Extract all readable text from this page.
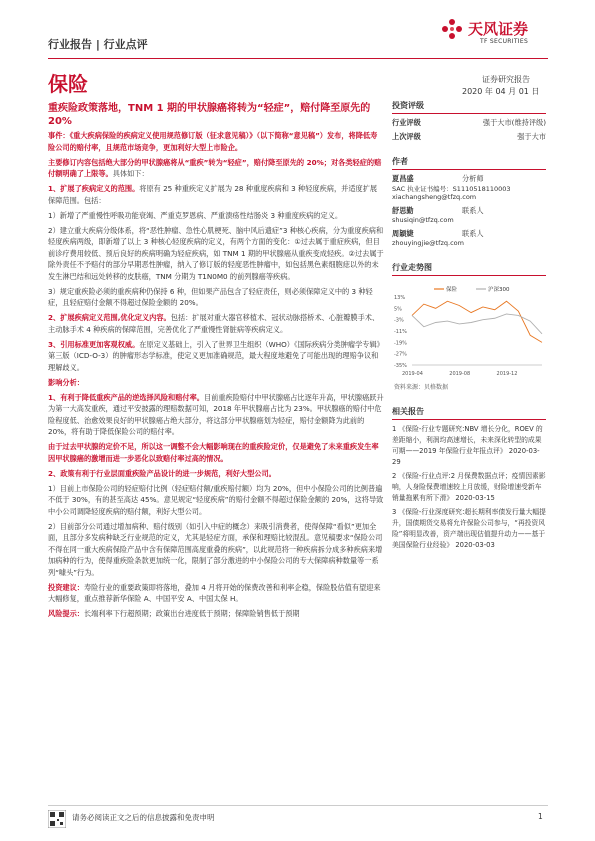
行业报告 | 行业点评
天风证券
TF SECURITIES
保险	证券研究报告
2020 年 04 月 01 日
重疾险政策落地，TNM 1 期的甲状腺癌将转为“轻症”，赔付降至原先的 20%
事件：《重大疾病保险的疾病定义使用规范修订版（征求意见稿）》（以下简称“意见稿”）发布，将降低寿险公司的赔付率，且规范市场竞争，更加利好大型上市险企。
主要修订内容包括绝大部分的甲状腺癌将从“重疾”转为“轻症”，赔付降至原先的 20%；对各类轻症的赔付额明确了上限等。具体如下：
1、扩展了疾病定义的范围。将原有 25 种重疾定义扩展为 28 种重度疾病和 3 种轻度疾病，并适度扩展保障范围。包括：
1）新增了严重慢性呼吸功能衰竭、严重克罗恩病、严重溃疡性结肠炎 3 种重度疾病的定义。
2）建立重大疾病分级体系，将“恶性肿瘤、急性心肌梗死、脑中风后遗症”3 种核心疾病，分为重度疾病和轻度疾病两级，即新增了以上 3 种核心轻度疾病的定义，有两个方面的变化：①过去属于重症疾病，但目前诊疗费用较低、预后良好的疾病明确为轻症疾病，如 TNM 1 期的甲状腺癌从重疾变成轻疾。②过去属于除外责任不予赔付的部分早期恶性肿瘤，纳入了修订版的轻度恶性肿瘤中，如包括黑色素细胞痣以外的未发生淋巴结和远处转移的皮肤癌，TNM 分期为 T1N0M0 的前列腺癌等疾病。
3）规定重疾险必须的重疾病种仍保持 6 种，但如果产品包含了轻症责任，则必须保障定义中的 3 种轻症，且轻症赔付金额不得超过保险金额的 20%。
2、扩展疾病定义范围,优化定义内容。包括：扩展对重大器官移植术、冠状动脉搭桥术、心脏瓣膜手术、主动脉手术 4 种疾病的保障范围，完善优化了严重慢性肾脏病等疾病定义。
3、引用标准更加客观权威。在原定义基础上，引入了世界卫生组织（WHO）《国际疾病分类肿瘤学专辑》第三版（ICD-O-3）的肿瘤形态学标准，使定义更加准确规范，最大程度地避免了可能出现的理赔争议和理解歧义。
影响分析：
1、有利于降低重疾产品的逆选择风险和赔付率。目前重疾险赔付中甲状腺癌占比逐年升高，甲状腺癌跃升为第一大高发重疾，通过平安披露的理赔数据可知，2018 年甲状腺癌占比为 23%。甲状腺癌的赔付中危险程度低、治愈效果良好的甲状腺癌占绝大部分，将这部分甲状腺癌划为轻症，赔付金额降为此前的 20%，将有助于降低保险公司的赔付率。
由于过去甲状腺的定价不足，所以这一调整不会大幅影响现在的重疾险定价，仅是避免了未来重疾发生率因甲状腺癌的激增而进一步恶化以致赔付率过高的情况。
2、政策有利于行业层面重疾险产品设计的进一步规范，利好大型公司。
1）目前上市保险公司的轻症赔付比例（轻症赔付额/重疾赔付额）均为 20%，但中小保险公司的比例普遍不低于 30%，有的甚至高达 45%。意见规定“轻度疾病”的赔付金额不得超过保险金额的 20%，这将导致中小公司调降轻度疾病的赔付额，利好大型公司。
2）目前部分公司通过增加病种、赔付级别（如引入中症的概念）来吸引消费者，使得保障“看似”更加全面，且部分多发病种缺乏行业规范的定义，尤其是轻症方面，承保和理赔比较混乱。意见稿要求“保险公司不得在同一重大疾病保险产品中含有保障范围高度重叠的疾病”，以此规范将一种疾病拆分成多种疾病来增加病种的行为，使得重疾险条款更加统一化，限制了部分激进的中小保险公司的专大保障病种数量等一系列“噱头”行为。
投资建议：寿险行业的重要政策即将落地，叠加 4 月将开始的保费改善和利率企稳，保险股估值有望迎来大幅修复，重点推荐新华保险 A、中国平安 A、中国太保 H。
风险提示：长端利率下行超预期；政策出台进度低于预期；保障险销售低于预期
投资评级
行业评级	强于大市(维持评级)
上次评级	强于大市
作者
夏昌盛	分析师
SAC 执业证书编号：S1110518110003
xiachangsheng@tfzq.com
舒思勤	联系人
shusiqin@tfzq.com
周颖婕	联系人
zhouyingjie@tfzq.com
行业走势图
13%
5%
-3%
-11%
-19%
-27%
-35%
2019-04	2019-08	2019-12
保险	沪深300
资料来源：贝格数据
相关报告

1 《保险-行业专题研究:NBV 增长分化，ROEV 的差距缩小，利润均高速增长，未来深化转型的成果可期——2019 年保险行业年报点评》 2020-03-29

2 《保险-行业点评:2 月保费数据点评；疫情因素影响，人身险保费增速较上月放缓，财险增速受新车销量拖累有所下滑》 2020-03-15

3 《保险-行业深度研究:超长期利率债发行量大幅提升，国债期货交易将允许保险公司参与，“再投资风险”将明显改善，资产端出现估值提升动力——基于美国保险行业经验》 2020-03-03

请务必阅读正文之后的信息披露和免责申明	1
